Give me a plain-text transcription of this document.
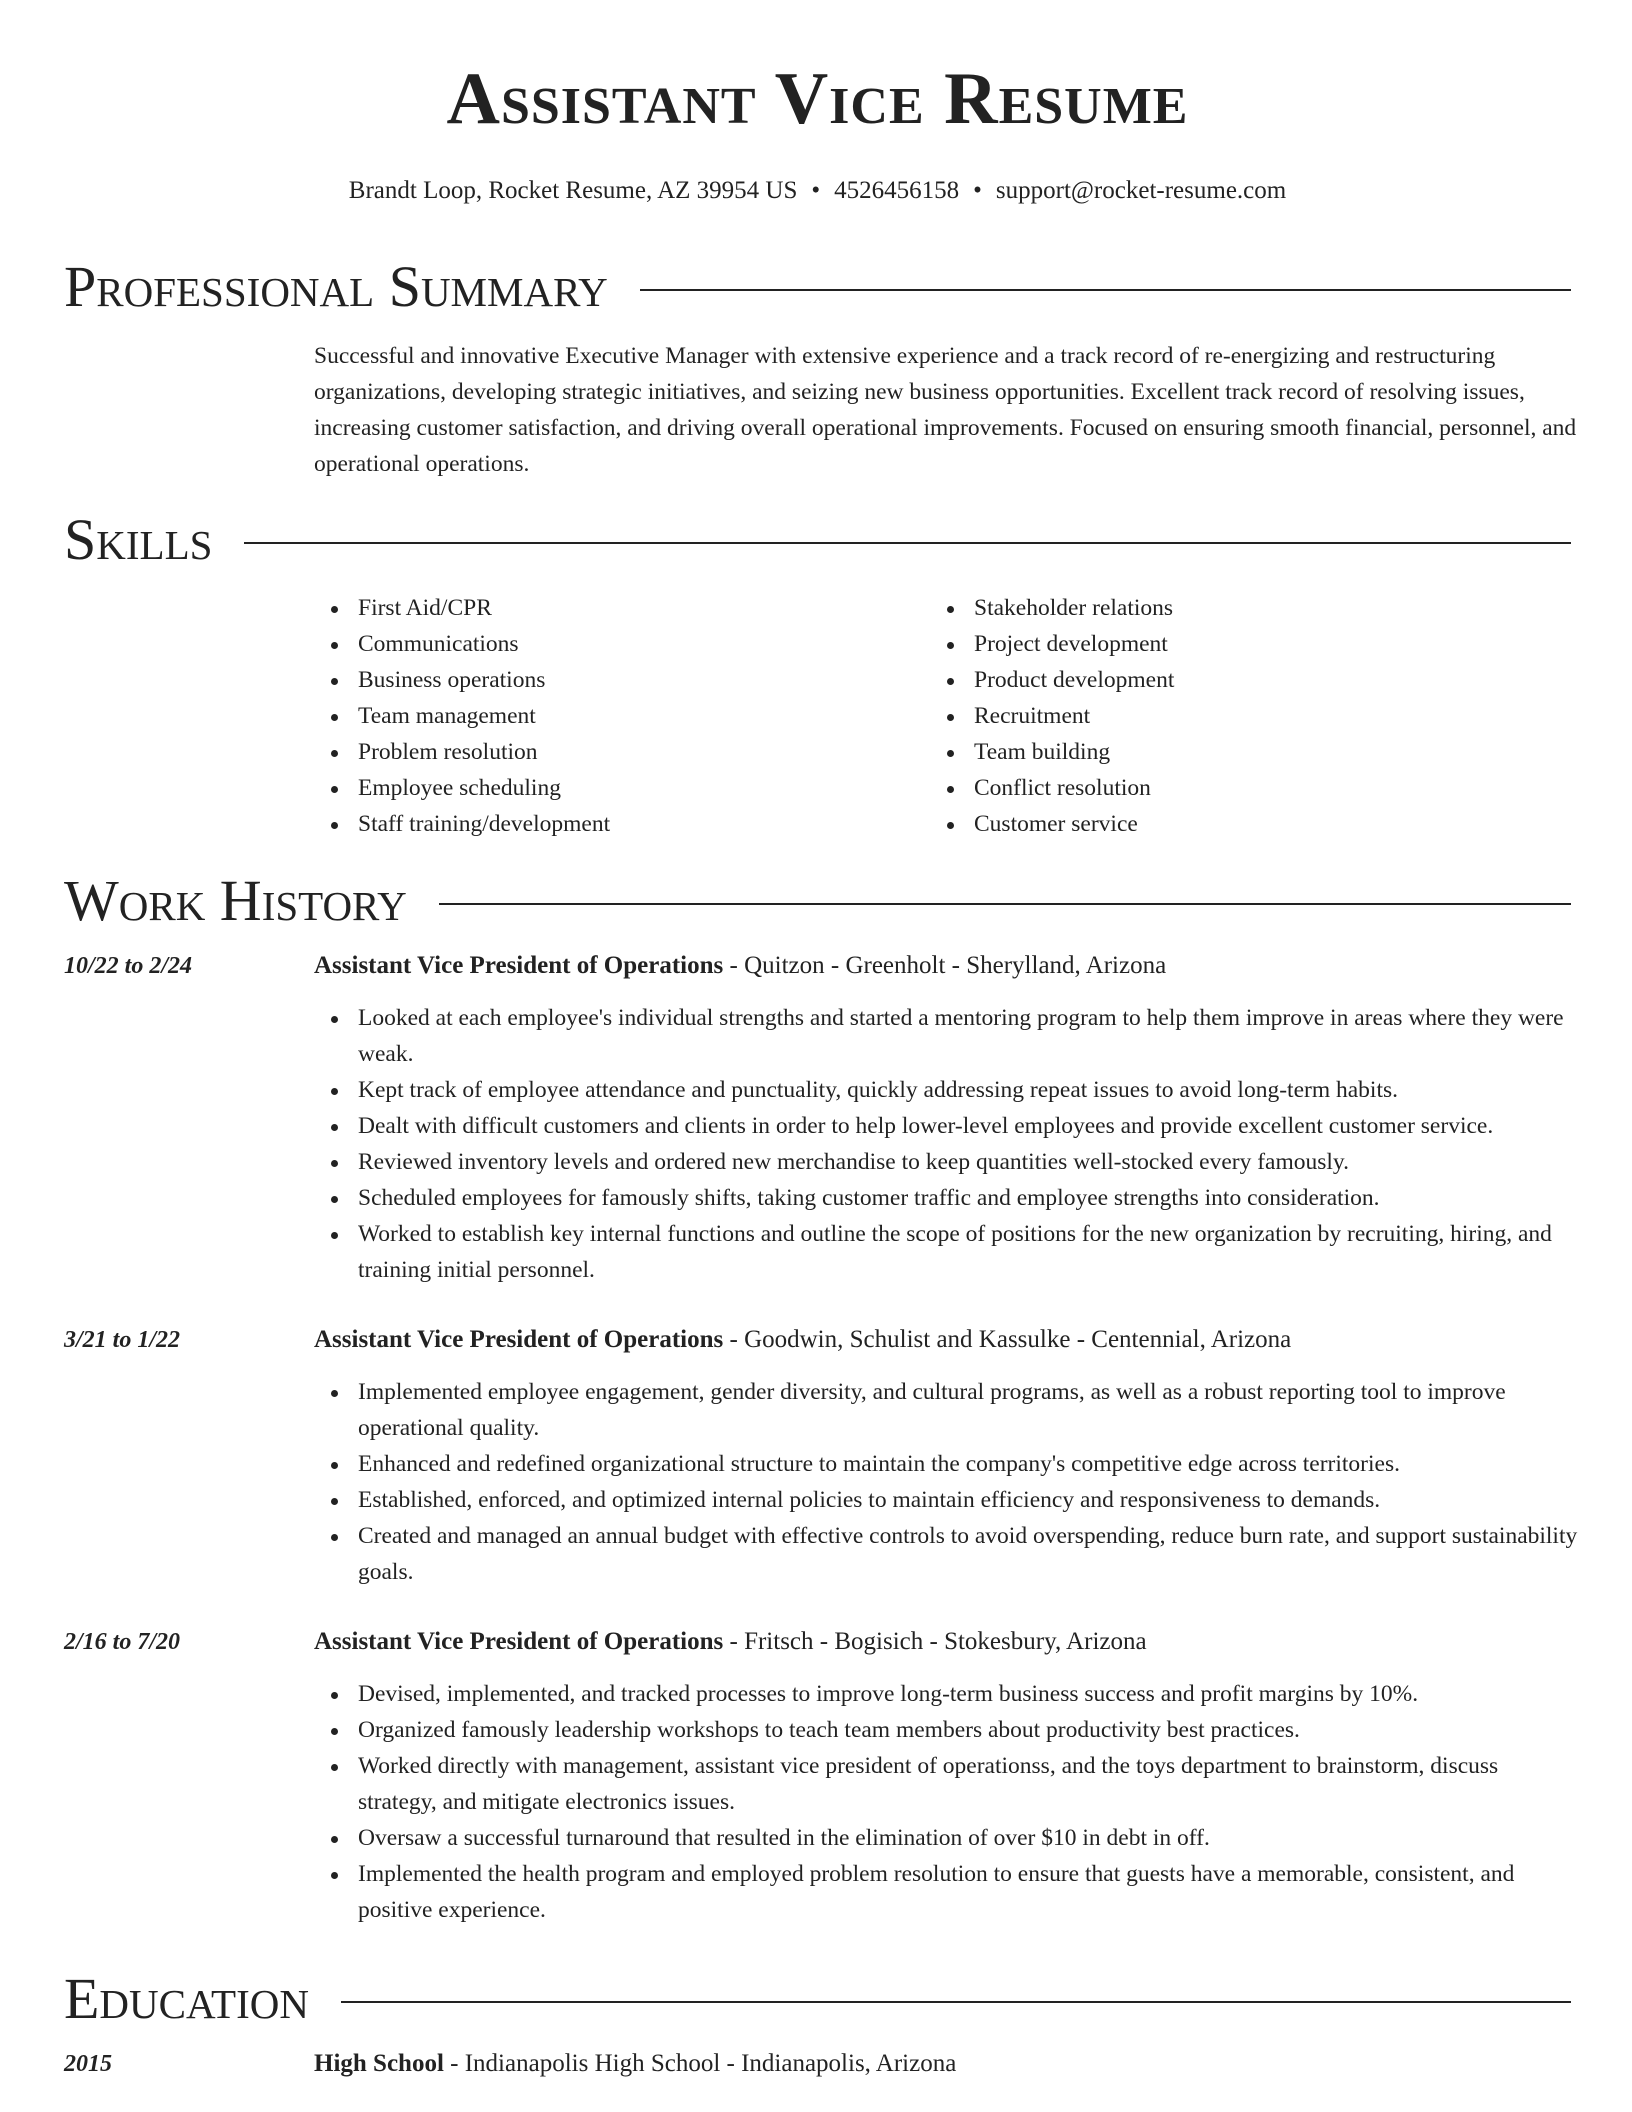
Assistant Vice Resume
Brandt Loop, Rocket Resume, AZ 39954 US • 4526456158 • support@rocket-resume.com
Professional Summary

Successful and innovative Executive Manager with extensive experience and a track record of re-energizing and restructuring organizations, developing strategic initiatives, and seizing new business opportunities. Excellent track record of resolving issues, increasing customer satisfaction, and driving overall operational improvements. Focused on ensuring smooth financial, personnel, and operational operations.

Skills
First Aid/CPR
Communications
Business operations
Team management
Problem resolution
Employee scheduling
Staff training/development
Stakeholder relations
Project development
Product development
Recruitment
Team building
Conflict resolution
Customer service
Work History
10/22 to 2/24	Assistant Vice President of Operations - Quitzon - Greenholt - Sherylland, Arizona
Looked at each employee's individual strengths and started a mentoring program to help them improve in areas where they were weak.
Kept track of employee attendance and punctuality, quickly addressing repeat issues to avoid long-term habits.
Dealt with difficult customers and clients in order to help lower-level employees and provide excellent customer service.
Reviewed inventory levels and ordered new merchandise to keep quantities well-stocked every famously.
Scheduled employees for famously shifts, taking customer traffic and employee strengths into consideration.
Worked to establish key internal functions and outline the scope of positions for the new organization by recruiting, hiring, and training initial personnel.
3/21 to 1/22	Assistant Vice President of Operations - Goodwin, Schulist and Kassulke - Centennial, Arizona
Implemented employee engagement, gender diversity, and cultural programs, as well as a robust reporting tool to improve operational quality.
Enhanced and redefined organizational structure to maintain the company's competitive edge across territories.
Established, enforced, and optimized internal policies to maintain efficiency and responsiveness to demands.
Created and managed an annual budget with effective controls to avoid overspending, reduce burn rate, and support sustainability goals.
2/16 to 7/20	Assistant Vice President of Operations - Fritsch - Bogisich - Stokesbury, Arizona
Devised, implemented, and tracked processes to improve long-term business success and profit margins by 10%.
Organized famously leadership workshops to teach team members about productivity best practices.
Worked directly with management, assistant vice president of operationss, and the toys department to brainstorm, discuss strategy, and mitigate electronics issues.
Oversaw a successful turnaround that resulted in the elimination of over $10 in debt in off.
Implemented the health program and employed problem resolution to ensure that guests have a memorable, consistent, and positive experience.
Education
2015	High School - Indianapolis High School - Indianapolis, Arizona
